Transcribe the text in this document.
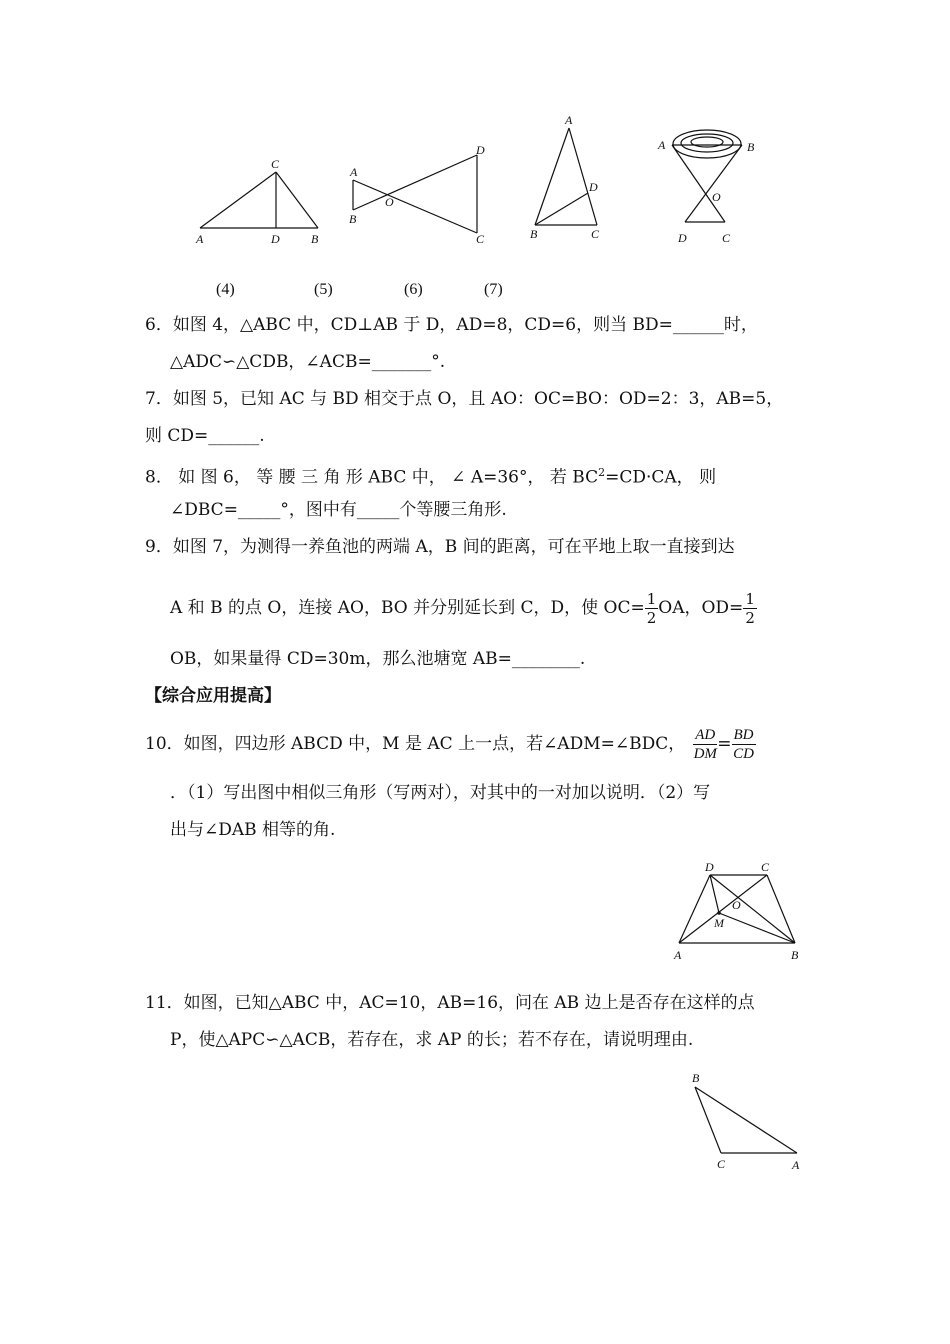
C
A	D	B
A
B
O
D
C
A
D
B	C
A	B
O
D	C
(4)	(5)	(6)	(7)
6．如图 4，△ABC 中，CD⊥AB 于 D，AD=8，CD=6，则当 BD=______时，
△ADC∽△CDB，∠ACB=_______°.
7．如图 5，已知 AC 与 BD 相交于点 O，且 AO：OC=BO：OD=2：3，AB=5，
则 CD=______.
8． 如 图 6， 等 腰 三 角 形 ABC 中， ∠ A=36°， 若 $BC^2=CD\cdot CA$， 则
∠DBC=_____°，图中有_____个等腰三角形.
9．如图 7，为测得一养鱼池的两端 A，B 间的距离，可在平地上取一直接到达
A 和 B 的点 O，连接 AO，BO 并分别延长到 C，D，使 $OC= \frac{1}{2}$ OA，$OD= \frac{1}{2}$
OB，如果量得 CD=30m，那么池塘宽 AB=________.
【综合应用提高】
10．如图，四边形 ABCD 中，M 是 AC 上一点，若∠ADM=∠BDC， $\frac{AD}{DM} = \frac{BD}{CD}$
．（1）写出图中相似三角形（写两对），对其中的一对加以说明．（2）写
出与∠DAB 相等的角.
D	C
O
M
A	B
11．如图，已知△ABC 中，AC=10，AB=16，问在 AB 边上是否存在这样的点
P，使△APC∽△ACB，若存在，求 AP 的长；若不存在，请说明理由.
B
C	A
